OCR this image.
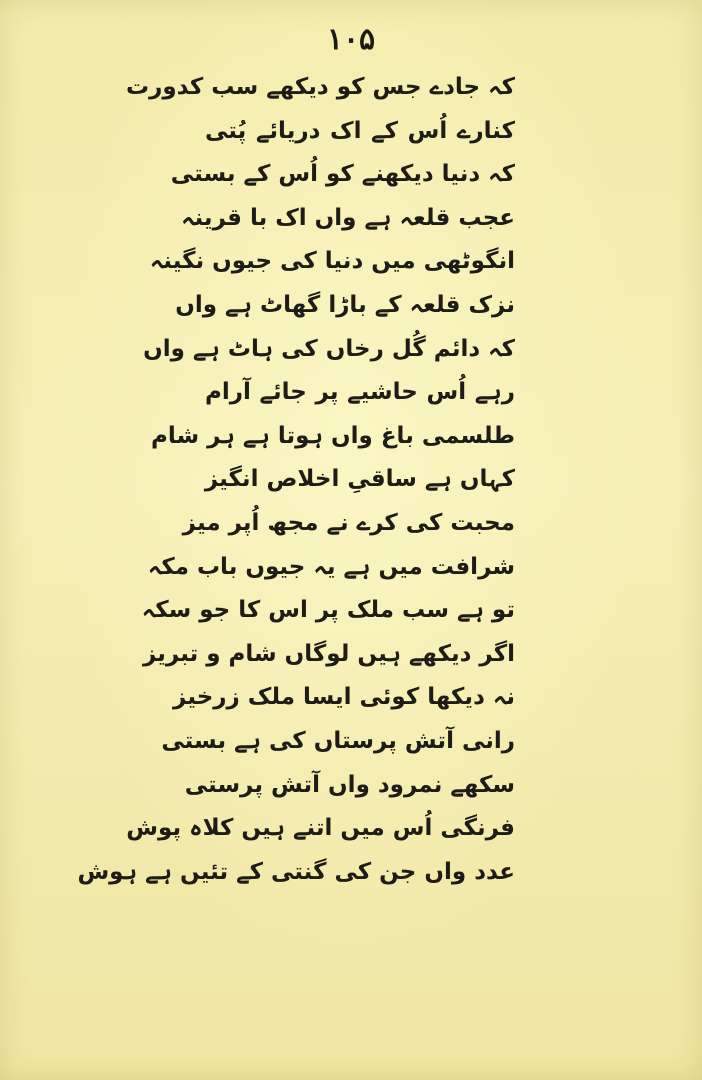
۱۰۵
کہ جادے جس کو دیکھے سب کدورت
کنارے اُس کے اک دریائے پُتی
کہ دنیا دیکھنے کو اُس کے بستی
عجب قلعہ ہے واں اک با قرینہ
انگوٹھی میں دنیا کی جیوں نگینہ
نزک قلعہ کے باڑا گھاٹ ہے واں
کہ دائم گُل رخاں کی ہاٹ ہے واں
رہے اُس حاشیے پر جائے آرام
طلسمی باغ واں ہوتا ہے ہر شام
کہاں ہے ساقیِ اخلاص انگیز
محبت کی کرے نے مجھ اُپر میز
شرافت میں ہے یہ جیوں باب مکہ
تو ہے سب ملک پر اس کا جو سکہ
اگر دیکھے ہیں لوگاں شام و تبریز
نہ دیکھا کوئی ایسا ملک زرخیز
رانی آتش پرستاں کی ہے بستی
سکھے نمرود واں آتش پرستی
فرنگی اُس میں اتنے ہیں کلاہ پوش
عدد واں جن کی گنتی کے تئیں ہے ہوش
